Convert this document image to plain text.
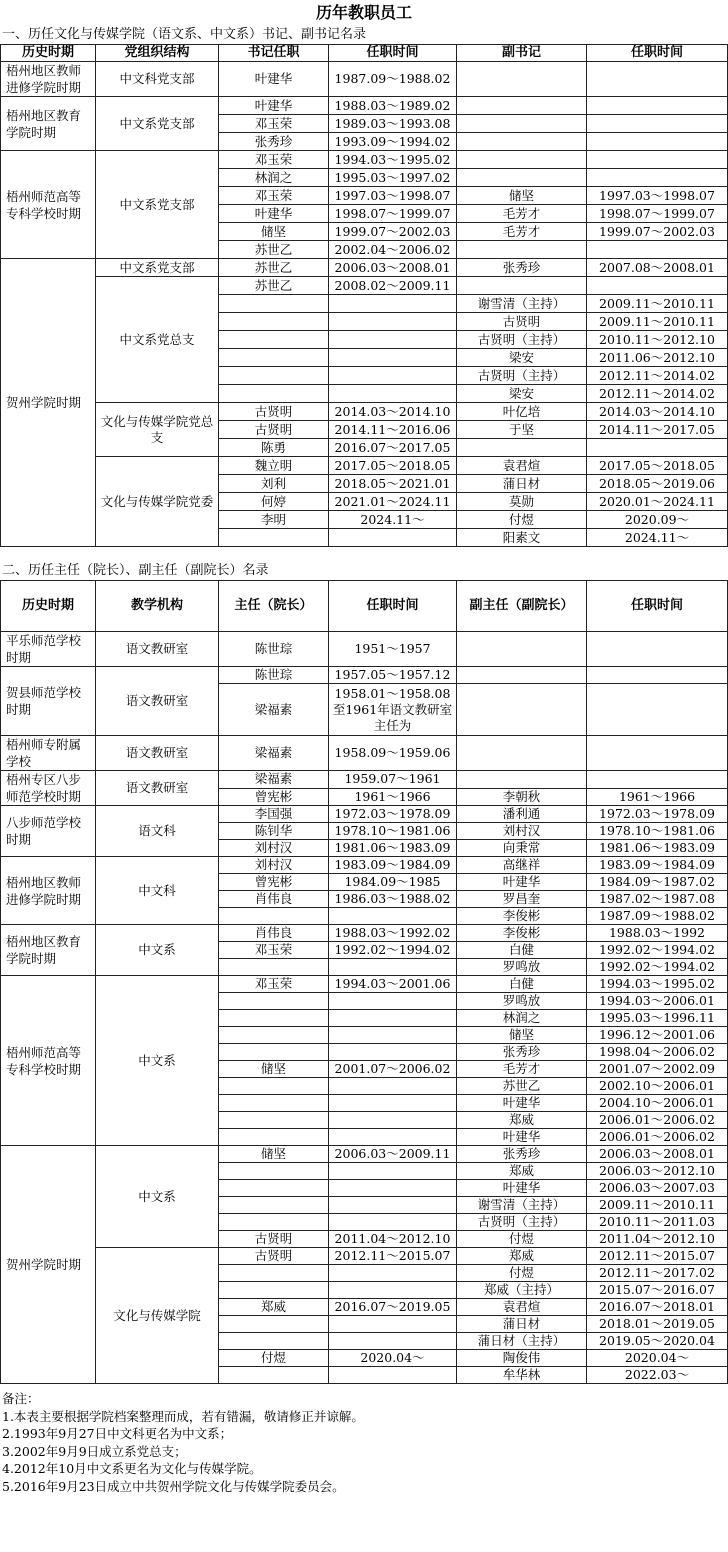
历年教职员工
一、历任文化与传媒学院（语文系、中文系）书记、副书记名录
历史时期	党组织结构	书记任职	任职时间	副书记	任职时间
梧州地区教师进修学院时期	中文科党支部	叶建华	1987.09～1988.02		
梧州地区教育学院时期	中文系党支部	叶建华	1988.03～1989.02		
		邓玉荣	1989.03～1993.08		
		张秀珍	1993.09～1994.02		
梧州师范高等专科学校时期	中文系党支部	邓玉荣	1994.03～1995.02		
		林润之	1995.03～1997.02		
		邓玉荣	1997.03～1998.07	储坚	1997.03～1998.07
		叶建华	1998.07～1999.07	毛芳才	1998.07～1999.07
		储坚	1999.07～2002.03	毛芳才	1999.07～2002.03
		苏世乙	2002.04～2006.02		
贺州学院时期	中文系党支部	苏世乙	2006.03～2008.01	张秀珍	2007.08～2008.01
	中文系党总支	苏世乙	2008.02～2009.11		
				谢雪清（主持）	2009.11～2010.11
				古贤明	2009.11～2010.11
				古贤明（主持）	2010.11～2012.10
				梁安	2011.06～2012.10
				古贤明（主持）	2012.11～2014.02
				梁安	2012.11～2014.02
	文化与传媒学院党总支	古贤明	2014.03～2014.10	叶亿培	2014.03～2014.10
		古贤明	2014.11～2016.06	于坚	2014.11～2017.05
		陈勇	2016.07～2017.05		
	文化与传媒学院党委	魏立明	2017.05～2018.05	袁君煊	2017.05～2018.05
		刘利	2018.05～2021.01	蒲日材	2018.05～2019.06
		何婷	2021.01～2024.11	莫勋	2020.01～2024.11
		李明	2024.11～	付煜	2020.09～
				阳素文	2024.11～
二、历任主任（院长）、副主任（副院长）名录
历史时期	教学机构	主任（院长）	任职时间	副主任（副院长）	任职时间
平乐师范学校时期	语文教研室	陈世琮	1951～1957		
贺县师范学校时期	语文教研室	陈世琮	1957.05～1957.12		
		梁福素	1958.01～1958.08至1961年语文教研室主任为		
梧州师专附属学校	语文教研室	梁福素	1958.09～1959.06		
梧州专区八步师范学校时期	语文教研室	梁福素	1959.07～1961		
		曾宪彬	1961～1966	李朝秋	1961～1966
八步师范学校时期	语文科	李国强	1972.03～1978.09	潘利通	1972.03～1978.09
		陈钊华	1978.10～1981.06	刘村汉	1978.10～1981.06
		刘村汉	1981.06～1983.09	向秉常	1981.06～1983.09
梧州地区教师进修学院时期	中文科	刘村汉	1983.09～1984.09	高继祥	1983.09～1984.09
		曾宪彬	1984.09～1985	叶建华	1984.09～1987.02
		肖伟良	1986.03～1988.02	罗昌奎	1987.02～1987.08
				李俊彬	1987.09～1988.02
梧州地区教育学院时期	中文系	肖伟良	1988.03～1992.02	李俊彬	1988.03～1992
		邓玉荣	1992.02～1994.02	白健	1992.02～1994.02
				罗鸣放	1992.02～1994.02
梧州师范高等专科学校时期	中文系	邓玉荣	1994.03～2001.06	白健	1994.03～1995.02
				罗鸣放	1994.03～2006.01
				林润之	1995.03～1996.11
				储坚	1996.12～2001.06
				张秀珍	1998.04～2006.02
		储坚	2001.07～2006.02	毛芳才	2001.07～2002.09
				苏世乙	2002.10～2006.01
				叶建华	2004.10～2006.01
				郑威	2006.01～2006.02
				叶建华	2006.01～2006.02
贺州学院时期	中文系	储坚	2006.03～2009.11	张秀珍	2006.03～2008.01
				郑威	2006.03～2012.10
				叶建华	2006.03～2007.03
				谢雪清（主持）	2009.11～2010.11
				古贤明（主持）	2010.11～2011.03
		古贤明	2011.04～2012.10	付煜	2011.04～2012.10
	文化与传媒学院	古贤明	2012.11～2015.07	郑威	2012.11～2015.07
				付煜	2012.11～2017.02
				郑威（主持）	2015.07～2016.07
		郑威	2016.07～2019.05	袁君煊	2016.07～2018.01
				蒲日材	2018.01～2019.05
				蒲日材（主持）	2019.05～2020.04
		付煜	2020.04～	陶俊伟	2020.04～
				牟华林	2022.03～
备注：
1.本表主要根据学院档案整理而成，若有错漏，敬请修正并谅解。
2.1993年9月27日中文科更名为中文系；
3.2002年9月9日成立系党总支；
4.2012年10月中文系更名为文化与传媒学院。
5.2016年9月23日成立中共贺州学院文化与传媒学院委员会。
